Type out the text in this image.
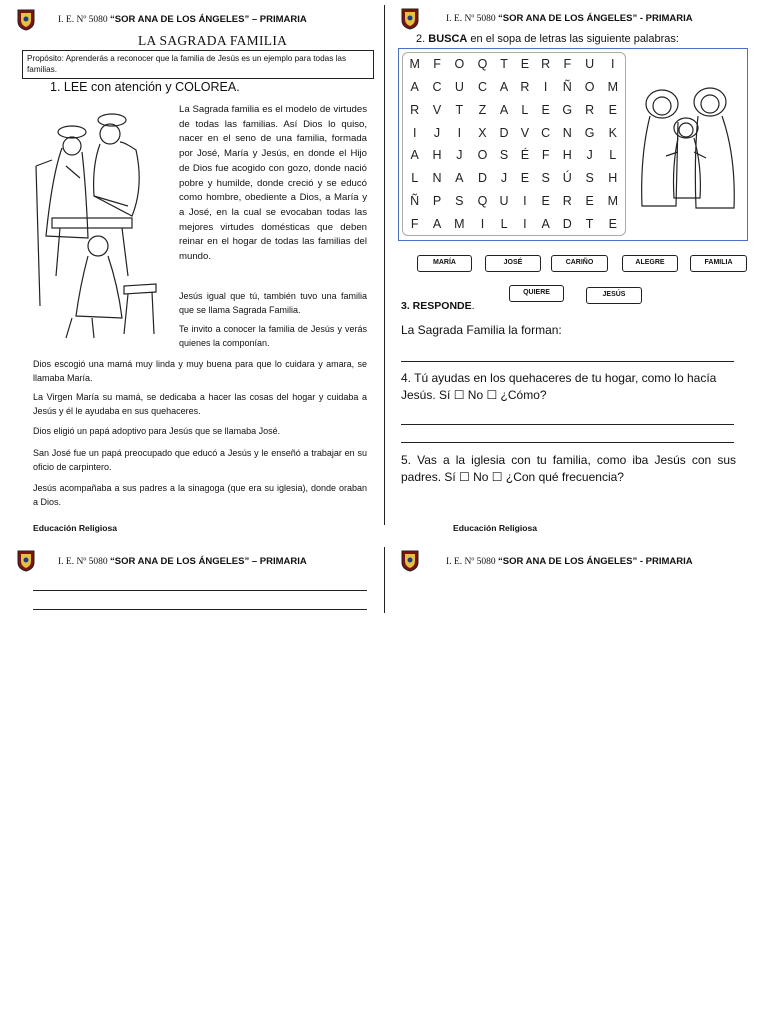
I. E. Nº 5080 “SOR ANA DE LOS ÁNGELES” – PRIMARIA	I. E. Nº 5080 “SOR ANA DE LOS ÁNGELES” - PRIMARIA
LA SAGRADA FAMILIA
Propósito: Aprenderás a reconocer que la familia de Jesús es un ejemplo para todas las familias.
1. LEE con atención y COLOREA.
La Sagrada familia es el modelo de virtudes de todas las familias. Así Dios lo quiso, nacer en el seno de una familia, formada por José, María y Jesús, en donde el Hijo de Dios fue acogido con gozo, donde nació pobre y humilde, donde creció y se educó como hombre, obediente a Dios, a María y a José, en la cual se evocaban todas las mejores virtudes domésticas que deben reinar en el hogar de todas las familias del mundo.
Jesús igual que tú, también tuvo una familia que se llama Sagrada Familia.
Te invito a conocer la familia de Jesús y verás quienes la componían.
Dios escogió una mamá muy linda y muy buena para que lo cuidara y amara, se llamaba María.
La Virgen María su mamá, se dedicaba a hacer las cosas del hogar y cuidaba a Jesús y él le ayudaba en sus quehaceres.
Dios eligió un papá adoptivo para Jesús que se llamaba José.
San José fue un papá preocupado que educó a Jesús y le enseñó a trabajar en su oficio de carpintero.
Jesús acompañaba a sus padres a la sinagoga (que era su iglesia), donde oraban a Dios.
Educación Religiosa
2. BUSCA en el sopa de letras las siguiente palabras:
M	F	O	Q	T	E	R	F	U	I
A	C	U	C	A	R	I	Ñ	O	M
R	V	T	Z	A	L	E	G	R	E
I	J	I	X	D	V	C	N	G	K
A	H	J	O	S	É	F	H	J	L
L	N	A	D	J	E	S	Ú	S	H
Ñ	P	S	Q	U	I	E	R	E	M
F	A	M	I	L	I	A	D	T	E
MARÍA	JOSÉ	CARIÑO	ALEGRE	FAMILIA
QUIERE	JESÚS
3. RESPONDE.
La Sagrada Familia la forman:
4. Tú ayudas en los quehaceres de tu hogar, como lo hacía Jesús. Sí ☐ No ☐ ¿Cómo?
5. Vas a la iglesia con tu familia, como iba Jesús con sus padres. Sí ☐ No ☐ ¿Con qué frecuencia?
Educación Religiosa
I. E. Nº 5080 “SOR ANA DE LOS ÁNGELES” – PRIMARIA	I. E. Nº 5080 “SOR ANA DE LOS ÁNGELES” - PRIMARIA
